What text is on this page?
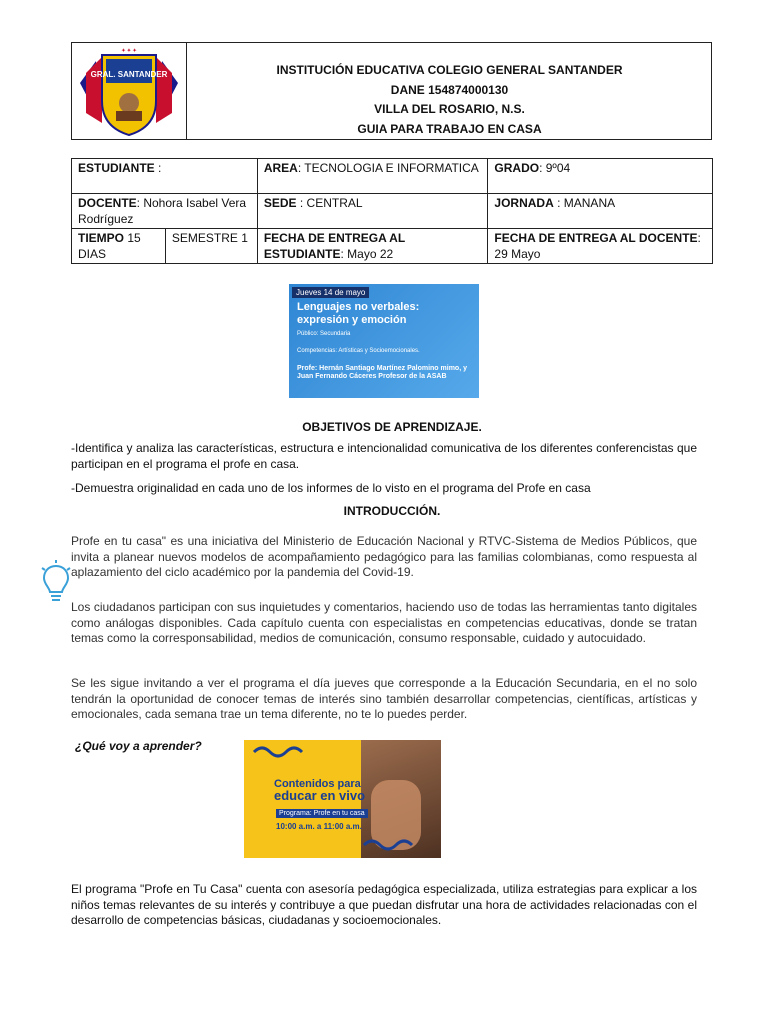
✦ ✦ ✦
GRAL. SANTANDER	INSTITUCIÓN EDUCATIVA COLEGIO GENERAL SANTANDER
DANE 154874000130
VILLA DEL ROSARIO, N.S.
GUIA PARA TRABAJO EN CASA
ESTUDIANTE :		AREA: TECNOLOGIA E INFORMATICA	GRADO: 9º04
DOCENTE: Nohora Isabel Vera Rodríguez		SEDE : CENTRAL	JORNADA : MANANA
TIEMPO 15 DIAS	SEMESTRE 1	FECHA DE ENTREGA AL ESTUDIANTE: Mayo 22	FECHA DE ENTREGA AL DOCENTE: 29 Mayo
Jueves 14 de mayo
Lenguajes no verbales:
expresión y emoción
Público: Secundaria
Competencias: Artísticas y Socioemocionales.
Profe: Hernán Santiago Martínez Palomino mimo, y Juan Fernando Cáceres Profesor de la ASAB
OBJETIVOS DE APRENDIZAJE.

-Identifica y analiza las características, estructura e intencionalidad comunicativa de los diferentes conferencistas que participan en el programa el profe en casa.

-Demuestra originalidad en cada uno de los informes de lo visto en el programa del Profe en casa

INTRODUCCIÓN.

Profe en tu casa" es una iniciativa del Ministerio de Educación Nacional y RTVC-Sistema de Medios Públicos, que invita a planear nuevos modelos de acompañamiento pedagógico para las familias colombianas, como respuesta al aplazamiento del ciclo académico por la pandemia del Covid-19.

Los ciudadanos participan con sus inquietudes y comentarios, haciendo uso de todas las herramientas tanto digitales como análogas disponibles. Cada capítulo cuenta con especialistas en competencias educativas, donde se tratan temas como la corresponsabilidad, medios de comunicación, consumo responsable, cuidado y autocuidado.

Se les sigue invitando a ver el programa el día jueves que corresponde a la Educación Secundaria, en el no solo tendrán la oportunidad de conocer temas de interés sino también desarrollar competencias, científicas, artísticas y emocionales, cada semana trae un tema diferente, no te lo puedes perder.

¿Qué voy a aprender?
Contenidos para
educar en vivo
Programa: Profe en tu casa
10:00 a.m. a 11:00 a.m.

El programa "Profe en Tu Casa" cuenta con asesoría pedagógica especializada, utiliza estrategias para explicar a los niños temas relevantes de su interés y contribuye a que puedan disfrutar una hora de actividades relacionadas con el desarrollo de competencias básicas, ciudadanas y socioemocionales.
